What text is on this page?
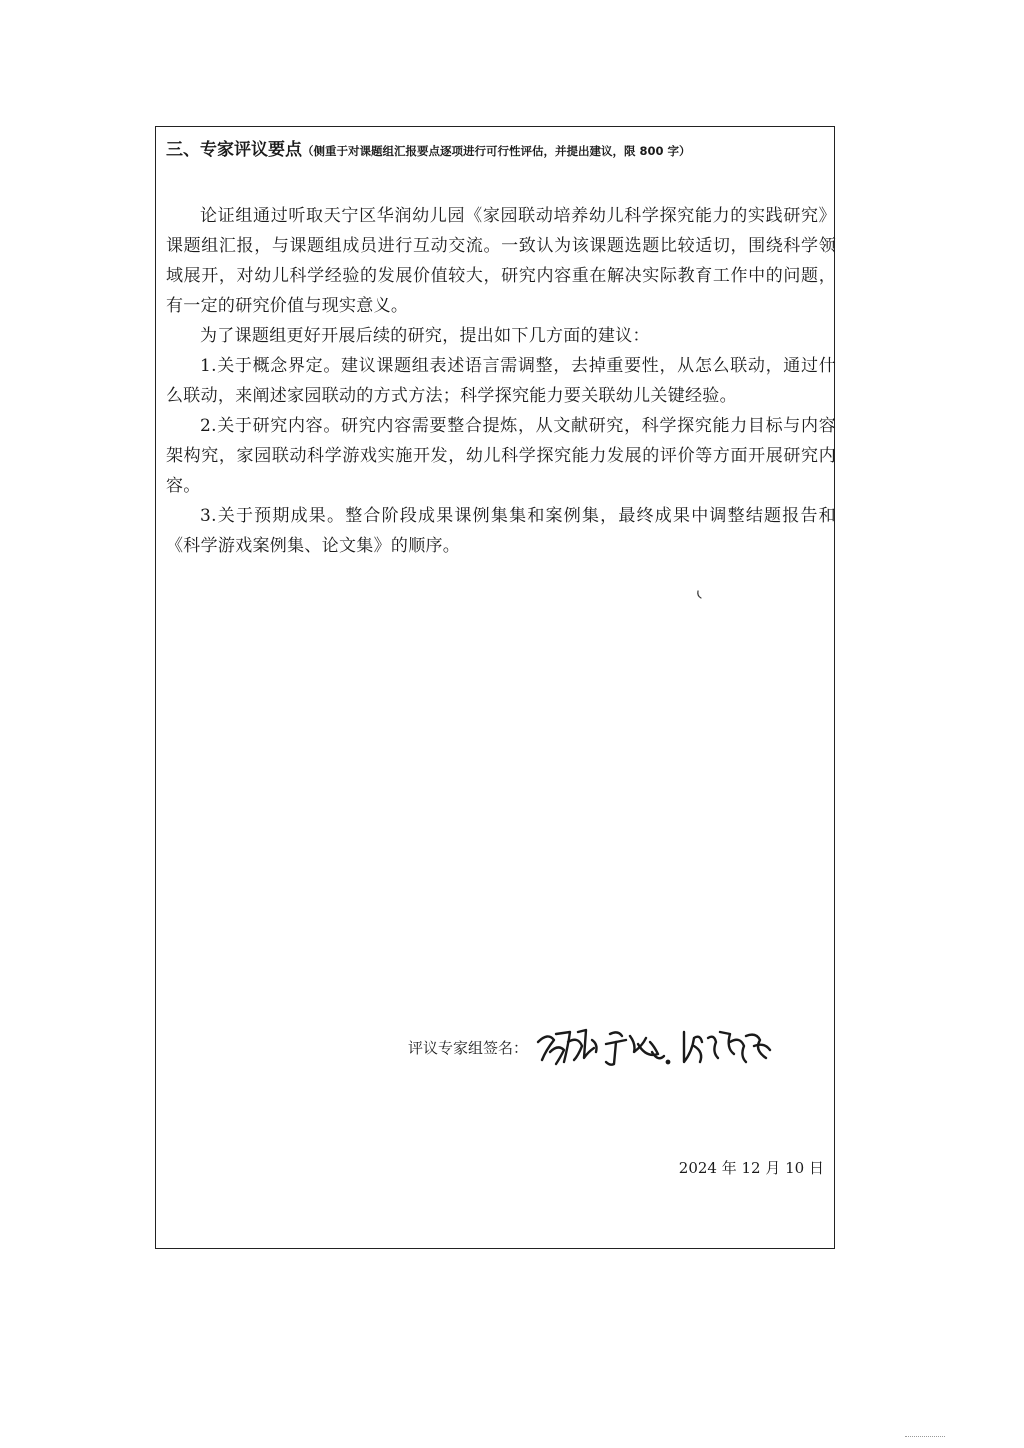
三、专家评议要点（侧重于对课题组汇报要点逐项进行可行性评估，并提出建议，限 800 字）

论证组通过听取天宁区华润幼儿园《家园联动培养幼儿科学探究能力的实践研究》课题组汇报，与课题组成员进行互动交流。一致认为该课题选题比较适切，围绕科学领域展开，对幼儿科学经验的发展价值较大，研究内容重在解决实际教育工作中的问题，有一定的研究价值与现实意义。

为了课题组更好开展后续的研究，提出如下几方面的建议：

1.关于概念界定。建议课题组表述语言需调整，去掉重要性，从怎么联动，通过什么联动，来阐述家园联动的方式方法；科学探究能力要关联幼儿关键经验。

2.关于研究内容。研究内容需要整合提炼，从文献研究，科学探究能力目标与内容架构究，家园联动科学游戏实施开发，幼儿科学探究能力发展的评价等方面开展研究内容。

3.关于预期成果。整合阶段成果课例集集和案例集，最终成果中调整结题报告和《科学游戏案例集、论文集》的顺序。

评议专家组签名：
2024 年 12 月 10 日
